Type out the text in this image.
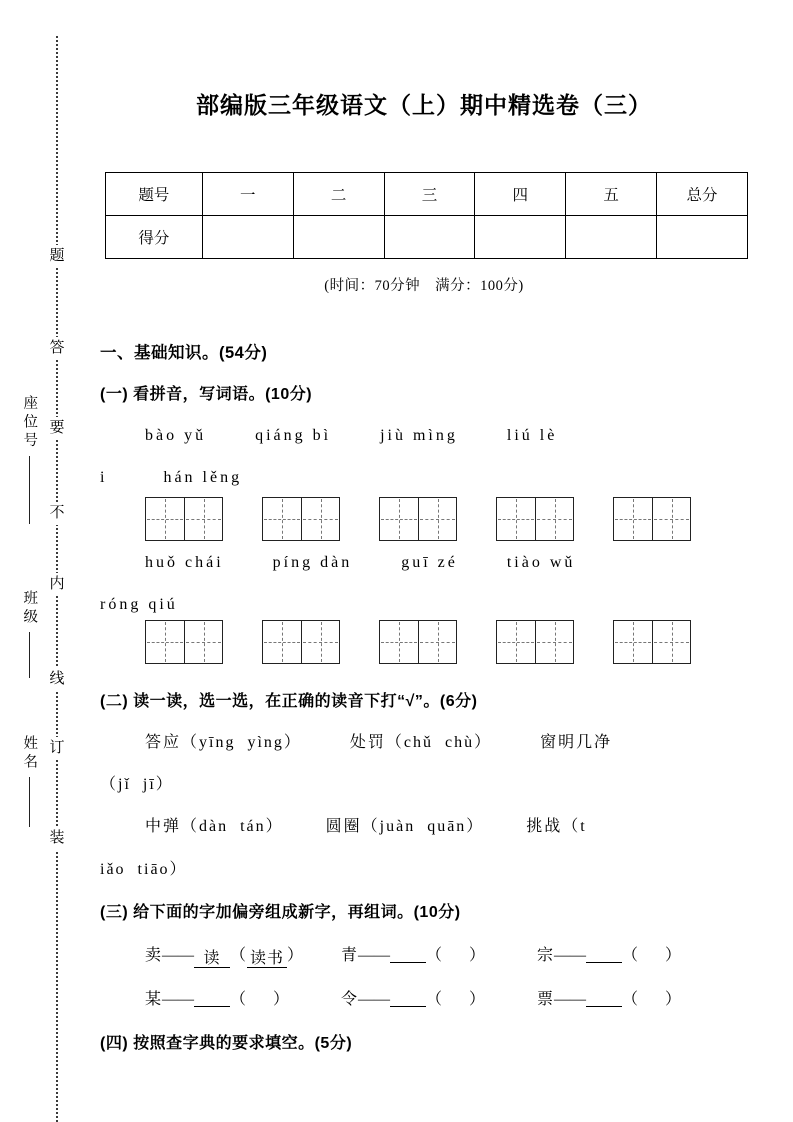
题
答
要
不
内
线
订
装
座位号
班级
姓名
部编版三年级语文（上）期中精选卷（三）
题号	一	二	三	四	五	总分
得分						

(时间：70分钟　满分：100分)

一、基础知识。(54分)
(一) 看拼音，写词语。(10分)

bào yǔ       qiáng bì       jiù mìng       liú lè

i        hán lěng

huǒ chái       píng dàn       guī zé       tiào wǔ

róng qiú

(二) 读一读，选一选，在正确的读音下打“√”。(6分)

答应（yīng  yìng）        处罚（chǔ  chù）        窗明几净

（jǐ  jī）

中弹（dàn  tán）       圆圈（juàn  quān）       挑战（t

iǎo  tiāo）

(三) 给下面的字加偏旁组成新字，再组词。(10分)
卖—— 读 （ 读书 ） 青—— （ ）	宗—— （ ）
某—— （ ）	令—— （ ）	票—— （ ）
(四) 按照查字典的要求填空。(5分)
